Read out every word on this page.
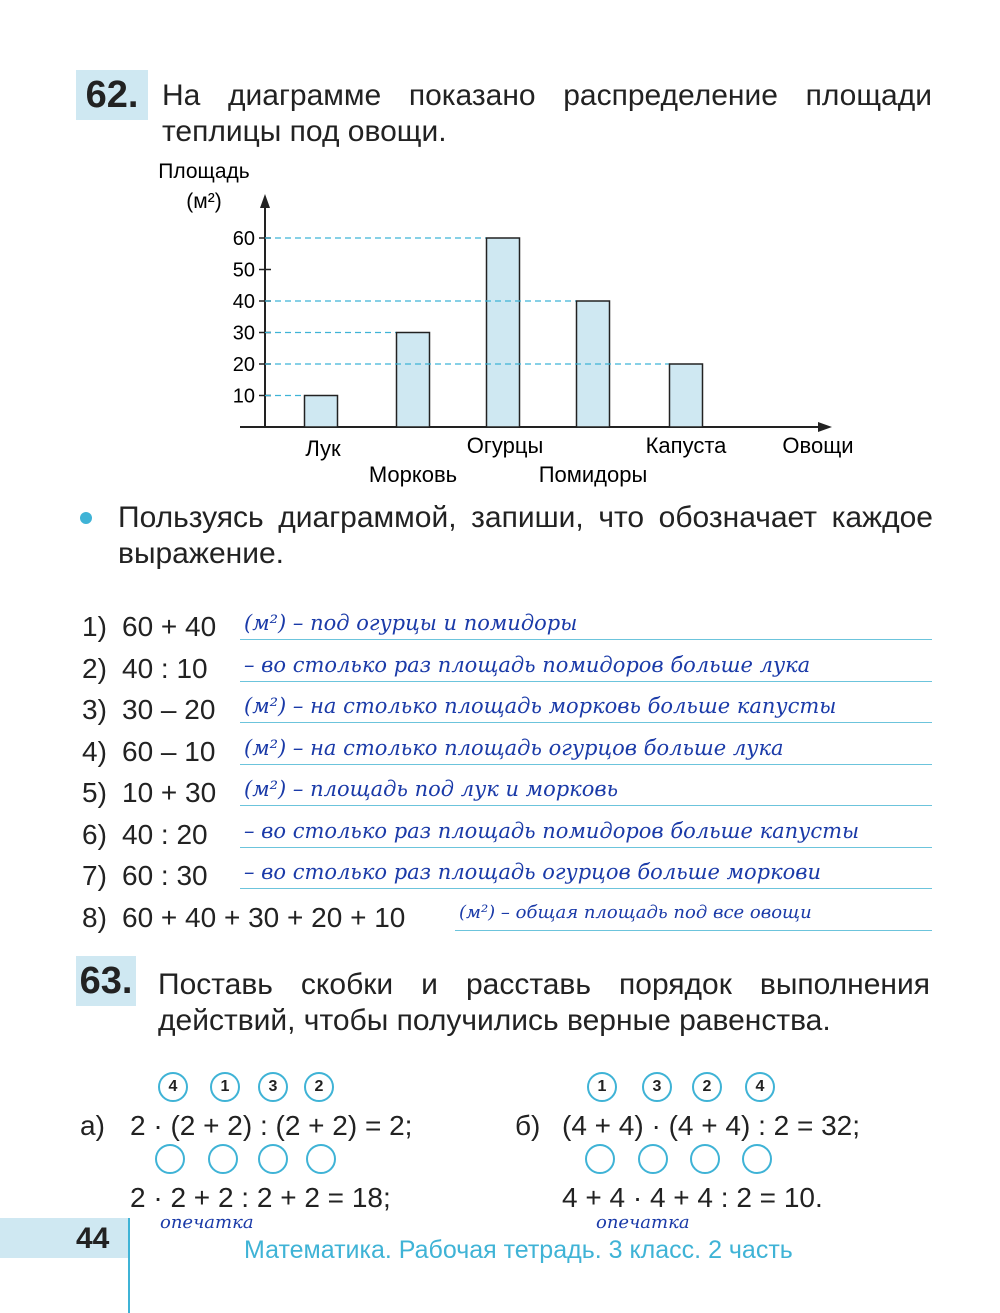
62. На диаграмме показано распределение площади теплицы под овощи.
Площадь
(м²)
10
20
30
40
50
60
Лук
Морковь
Огурцы
Помидоры
Капуста	Овощи
Пользуясь диаграммой, запиши, что обозначает каждое выражение.
1) 60 + 40 (м²) – под огурцы и помидоры
2) 40 : 10 – во столько раз площадь помидоров больше лука
3) 30 – 20 (м²) – на столько площадь морковь больше капусты
4) 60 – 10 (м²) – на столько площадь огурцов больше лука
5) 10 + 30 (м²) – площадь под лук и морковь
6) 40 : 20 – во столько раз площадь помидоров больше капусты
7) 60 : 30 – во столько раз площадь огурцов больше моркови
8) 60 + 40 + 30 + 20 + 10	(м²) – общая площадь под все овощи
63. Поставь скобки и расставь порядок выполнения действий, чтобы получились верные равенства.
4	1	3	2
а) 2 · (2 + 2) : (2 + 2) = 2;
2 · 2 + 2 : 2 + 2 = 18;
опечатка
1	3	2	4
б) (4 + 4) · (4 + 4) : 2 = 32;
4 + 4 · 4 + 4 : 2 = 10.
опечатка
44	Математика. Рабочая тетрадь. 3 класс. 2 часть
